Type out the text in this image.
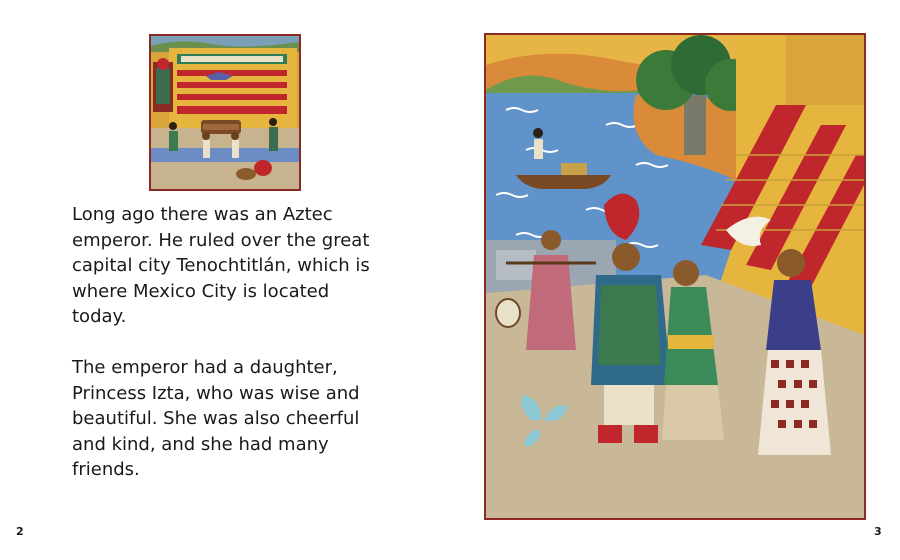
Long ago there was an Aztec emperor. He ruled over the great capital city Tenochtitlán, which is where Mexico City is located today.

The emperor had a daughter, Princess Izta, who was wise and beautiful. She was also cheerful and kind, and she had many friends.

2	3
